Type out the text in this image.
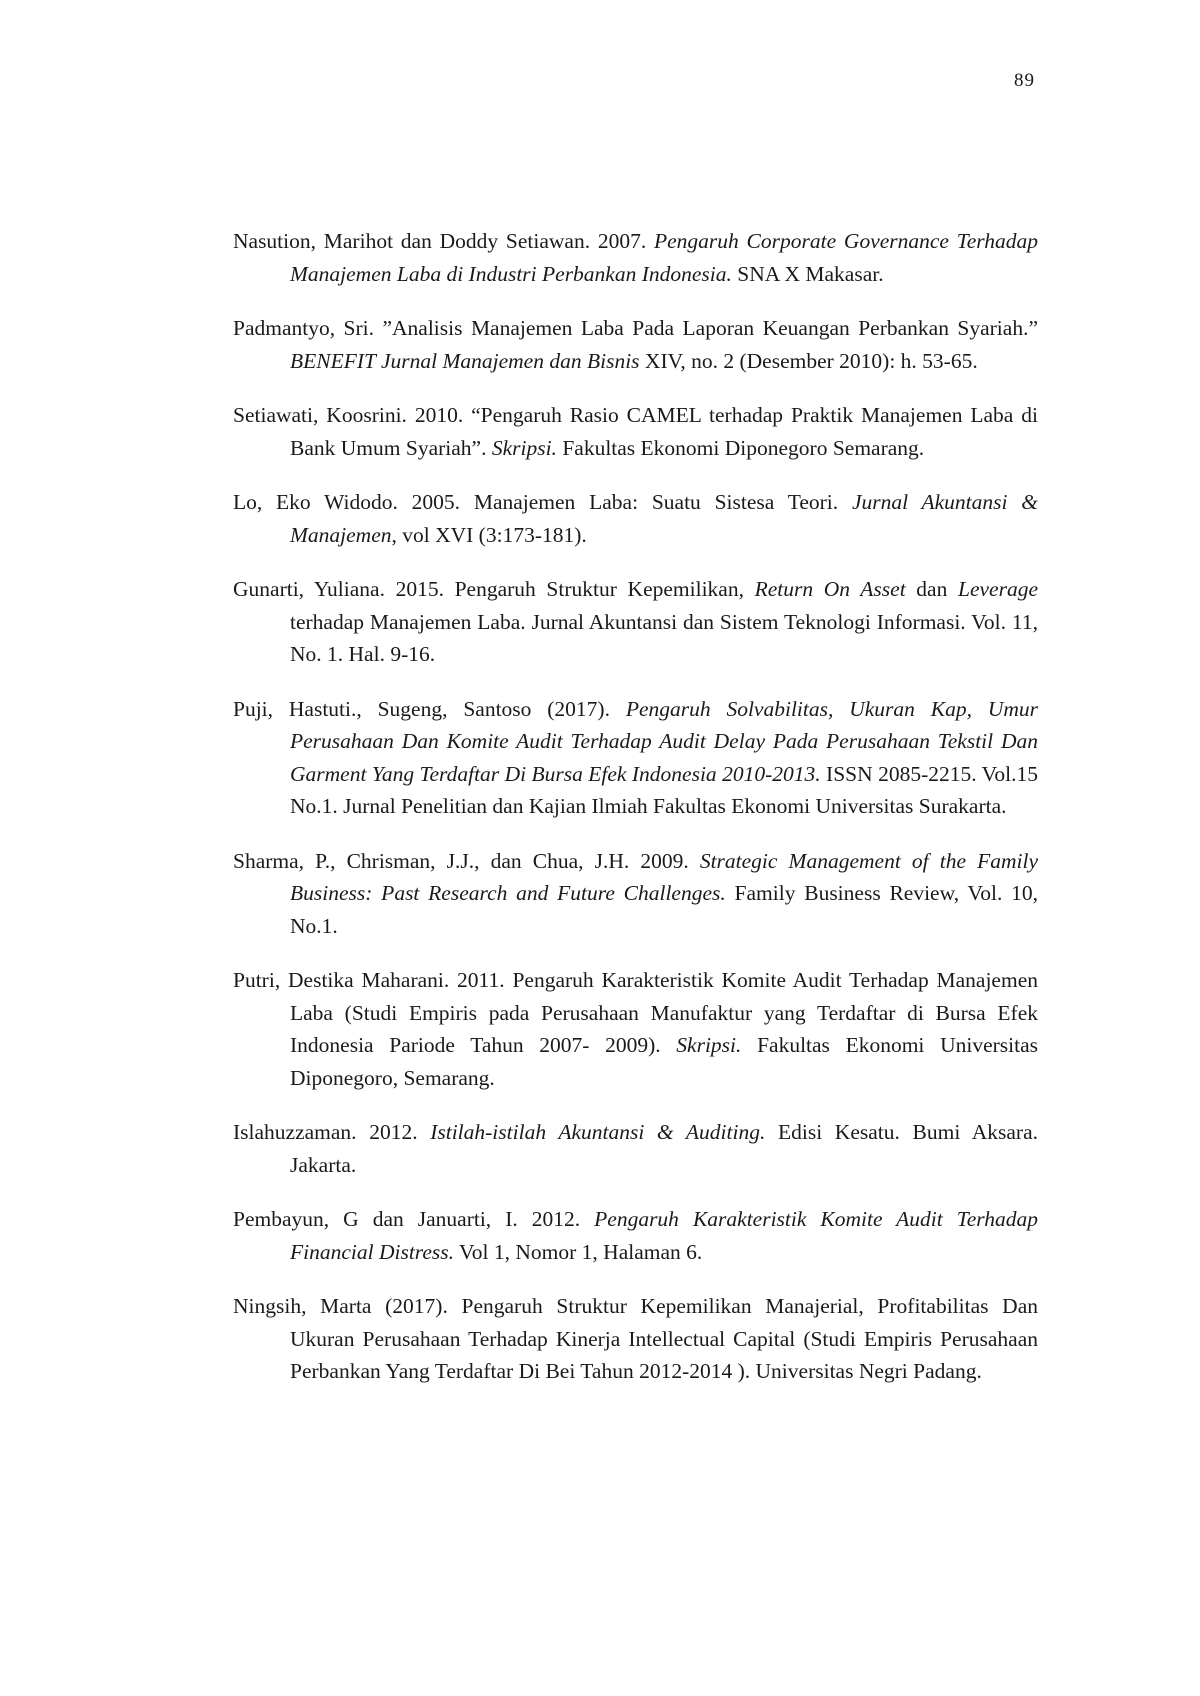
89

Nasution, Marihot dan Doddy Setiawan. 2007. Pengaruh Corporate Governance Terhadap Manajemen Laba di Industri Perbankan Indonesia. SNA X Makasar.

Padmantyo, Sri. ”Analisis Manajemen Laba Pada Laporan Keuangan Perbankan Syariah.” BENEFIT Jurnal Manajemen dan Bisnis XIV, no. 2 (Desember 2010): h. 53-65.

Setiawati, Koosrini. 2010. “Pengaruh Rasio CAMEL terhadap Praktik Manajemen Laba di Bank Umum Syariah”. Skripsi. Fakultas Ekonomi Diponegoro Semarang.

Lo, Eko Widodo. 2005. Manajemen Laba: Suatu Sistesa Teori. Jurnal Akuntansi & Manajemen, vol XVI (3:173-181).

Gunarti, Yuliana. 2015. Pengaruh Struktur Kepemilikan, Return On Asset dan Leverage terhadap Manajemen Laba. Jurnal Akuntansi dan Sistem Teknologi Informasi. Vol. 11, No. 1. Hal. 9-16.

Puji, Hastuti., Sugeng, Santoso (2017). Pengaruh Solvabilitas, Ukuran Kap, Umur Perusahaan Dan Komite Audit Terhadap Audit Delay Pada Perusahaan Tekstil Dan Garment Yang Terdaftar Di Bursa Efek Indonesia 2010-2013. ISSN 2085-2215. Vol.15 No.1. Jurnal Penelitian dan Kajian Ilmiah Fakultas Ekonomi Universitas Surakarta.

Sharma, P., Chrisman, J.J., dan Chua, J.H. 2009. Strategic Management of the Family Business: Past Research and Future Challenges. Family Business Review, Vol. 10, No.1.

Putri, Destika Maharani. 2011. Pengaruh Karakteristik Komite Audit Terhadap Manajemen Laba (Studi Empiris pada Perusahaan Manufaktur yang Terdaftar di Bursa Efek Indonesia Pariode Tahun 2007- 2009). Skripsi. Fakultas Ekonomi Universitas Diponegoro, Semarang.

Islahuzzaman. 2012. Istilah-istilah Akuntansi & Auditing. Edisi Kesatu. Bumi Aksara. Jakarta.

Pembayun, G dan Januarti, I. 2012. Pengaruh Karakteristik Komite Audit Terhadap Financial Distress. Vol 1, Nomor 1, Halaman 6.

Ningsih, Marta (2017). Pengaruh Struktur Kepemilikan Manajerial, Profitabilitas Dan Ukuran Perusahaan Terhadap Kinerja Intellectual Capital (Studi Empiris Perusahaan Perbankan Yang Terdaftar Di Bei Tahun 2012-2014 ). Universitas Negri Padang.
